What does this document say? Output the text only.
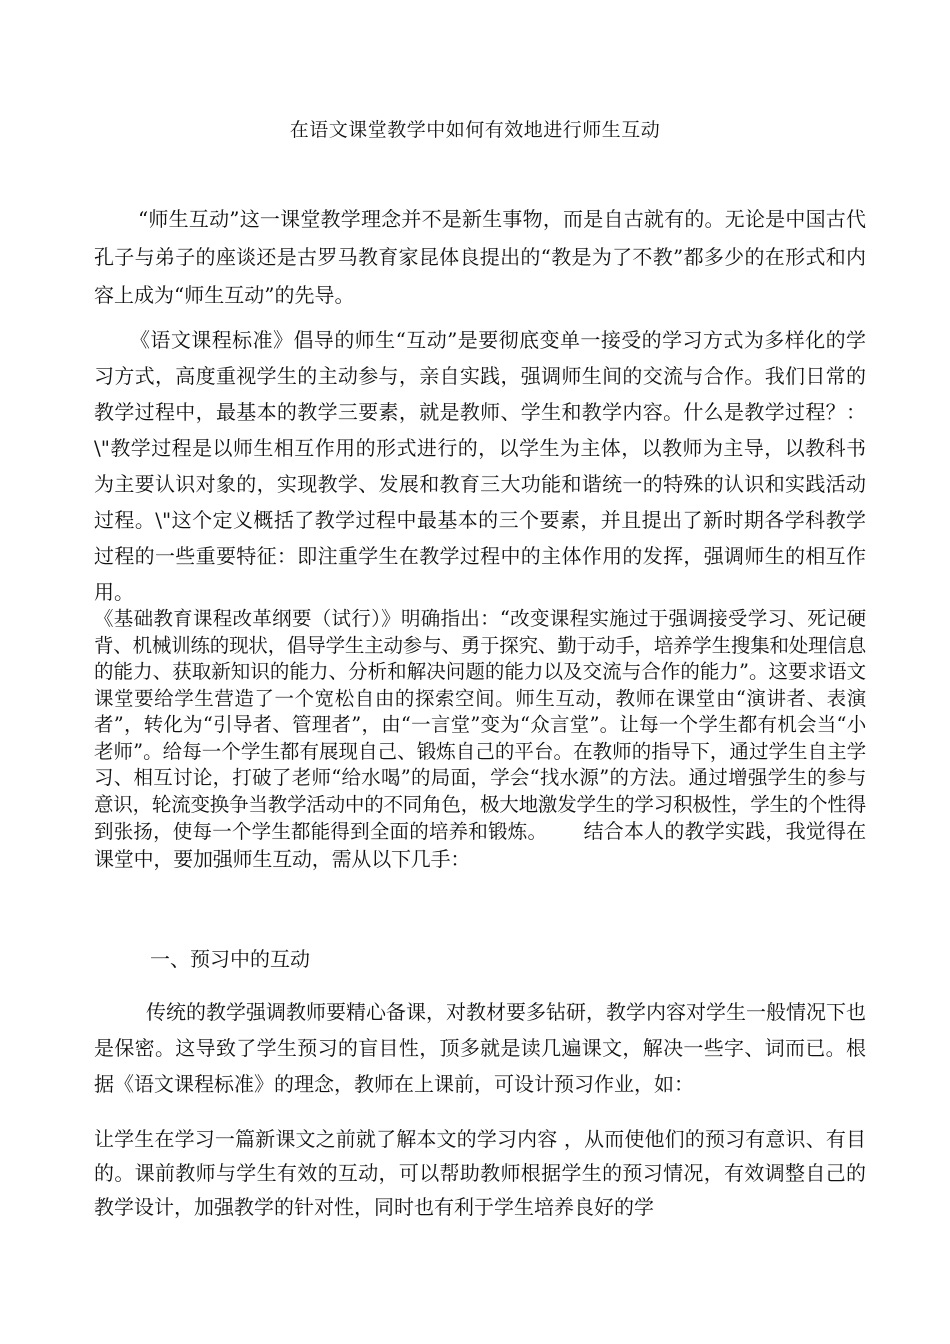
在语文课堂教学中如何有效地进行师生互动

“师生互动”这一课堂教学理念并不是新生事物，而是自古就有的。无论是中国古代孔子与弟子的座谈还是古罗马教育家昆体良提出的“教是为了不教”都多少的在形式和内容上成为“师生互动”的先导。

《语文课程标准》倡导的师生“互动”是要彻底变单一接受的学习方式为多样化的学习方式，高度重视学生的主动参与，亲自实践，强调师生间的交流与合作。我们日常的教学过程中，最基本的教学三要素，就是教师、学生和教学内容。什么是教学过程？：\"教学过程是以师生相互作用的形式进行的，以学生为主体，以教师为主导，以教科书为主要认识对象的，实现教学、发展和教育三大功能和谐统一的特殊的认识和实践活动过程。\"这个定义概括了教学过程中最基本的三个要素，并且提出了新时期各学科教学过程的一些重要特征：即注重学生在教学过程中的主体作用的发挥，强调师生的相互作用。

《基础教育课程改革纲要（试行）》明确指出：“改变课程实施过于强调接受学习、死记硬背、机械训练的现状，倡导学生主动参与、勇于探究、勤于动手，培养学生搜集和处理信息的能力、获取新知识的能力、分析和解决问题的能力以及交流与合作的能力”。这要求语文课堂要给学生营造了一个宽松自由的探索空间。师生互动，教师在课堂由“演讲者、表演者”，转化为“引导者、管理者”，由“一言堂”变为“众言堂”。让每一个学生都有机会当“小老师”。给每一个学生都有展现自己、锻炼自己的平台。在教师的指导下，通过学生自主学习、相互讨论，打破了老师“给水喝”的局面，学会“找水源”的方法。通过增强学生的参与意识，轮流变换争当教学活动中的不同角色，极大地激发学生的学习积极性，学生的个性得到张扬，使每一个学生都能得到全面的培养和锻炼。 结合本人的教学实践，我觉得在课堂中，要加强师生互动，需从以下几手：

一、预习中的互动

传统的教学强调教师要精心备课，对教材要多钻研，教学内容对学生一般情况下也是保密。这导致了学生预习的盲目性，顶多就是读几遍课文，解决一些字、词而已。根据《语文课程标准》的理念，教师在上课前，可设计预习作业，如：

让学生在学习一篇新课文之前就了解本文的学习内容 ，从而使他们的预习有意识、有目的。课前教师与学生有效的互动，可以帮助教师根据学生的预习情况，有效调整自己的教学设计，加强教学的针对性，同时也有利于学生培养良好的学
